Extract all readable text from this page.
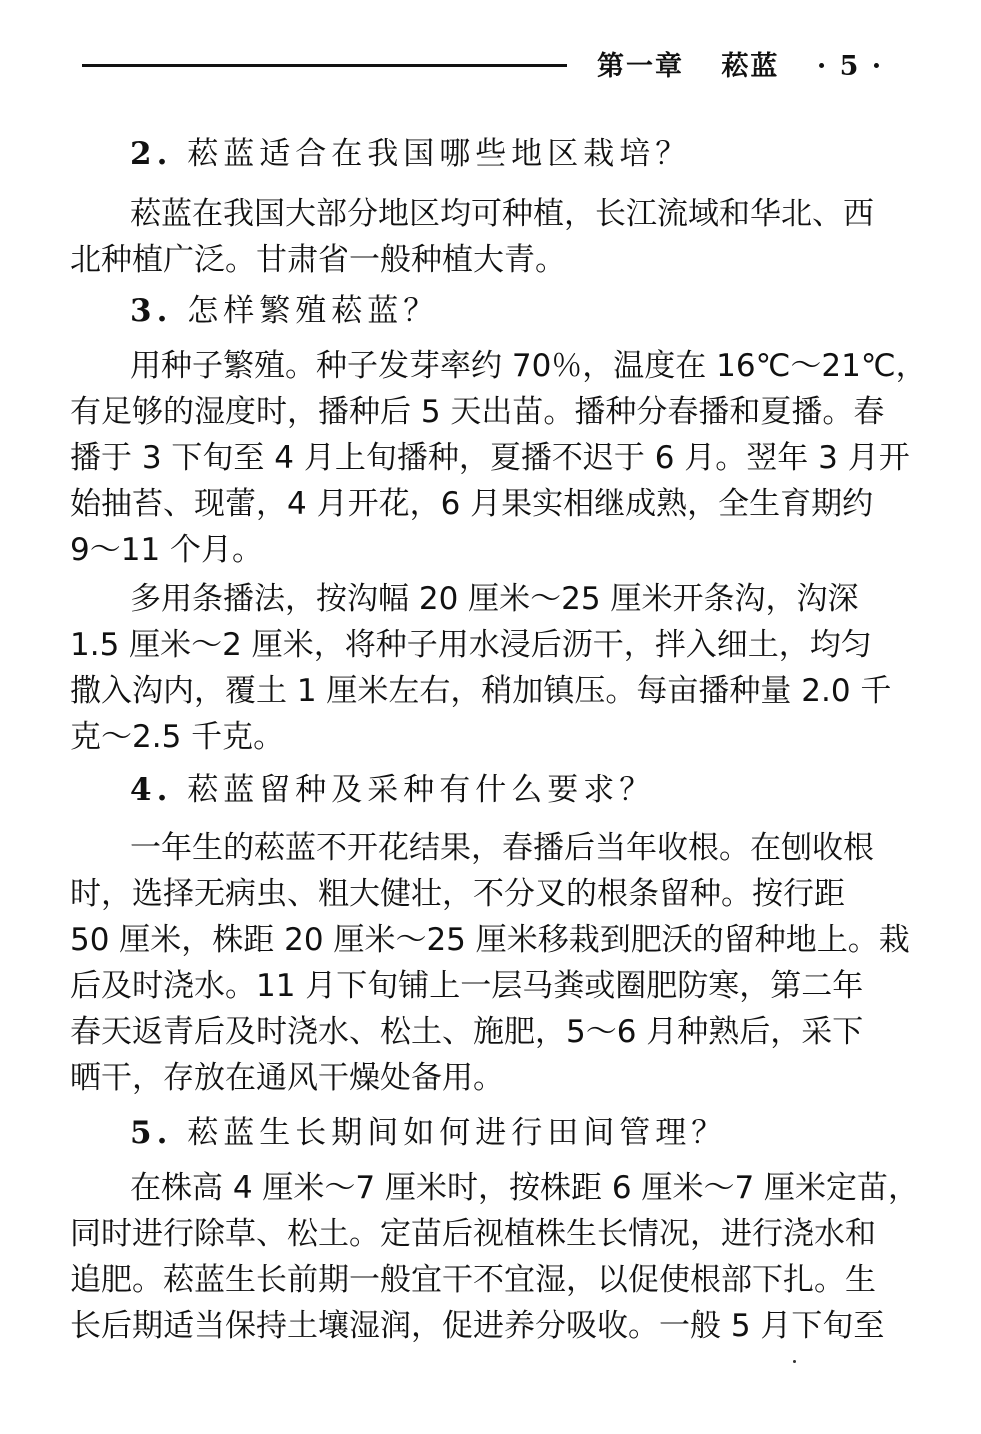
第一章 菘蓝 · 5 ·
2. 菘蓝适合在我国哪些地区栽培？
菘蓝在我国大部分地区均可种植，长江流域和华北、西
北种植广泛。甘肃省一般种植大青。
3. 怎样繁殖菘蓝？
用种子繁殖。种子发芽率约 70％，温度在 16℃～21℃，
有足够的湿度时，播种后 5 天出苗。播种分春播和夏播。春
播于 3 下旬至 4 月上旬播种，夏播不迟于 6 月。翌年 3 月开
始抽苔、现蕾，4 月开花，6 月果实相继成熟，全生育期约
9～11 个月。
多用条播法，按沟幅 20 厘米～25 厘米开条沟，沟深
1.5 厘米～2 厘米，将种子用水浸后沥干，拌入细土，均匀
撒入沟内，覆土 1 厘米左右，稍加镇压。每亩播种量 2.0 千
克～2.5 千克。
4. 菘蓝留种及采种有什么要求？
一年生的菘蓝不开花结果，春播后当年收根。在刨收根
时，选择无病虫、粗大健壮，不分叉的根条留种。按行距
50 厘米，株距 20 厘米～25 厘米移栽到肥沃的留种地上。栽
后及时浇水。11 月下旬铺上一层马粪或圈肥防寒，第二年
春天返青后及时浇水、松土、施肥，5～6 月种熟后，采下
晒干，存放在通风干燥处备用。
5. 菘蓝生长期间如何进行田间管理？
在株高 4 厘米～7 厘米时，按株距 6 厘米～7 厘米定苗，
同时进行除草、松土。定苗后视植株生长情况，进行浇水和
追肥。菘蓝生长前期一般宜干不宜湿，以促使根部下扎。生
长后期适当保持土壤湿润，促进养分吸收。一般 5 月下旬至
